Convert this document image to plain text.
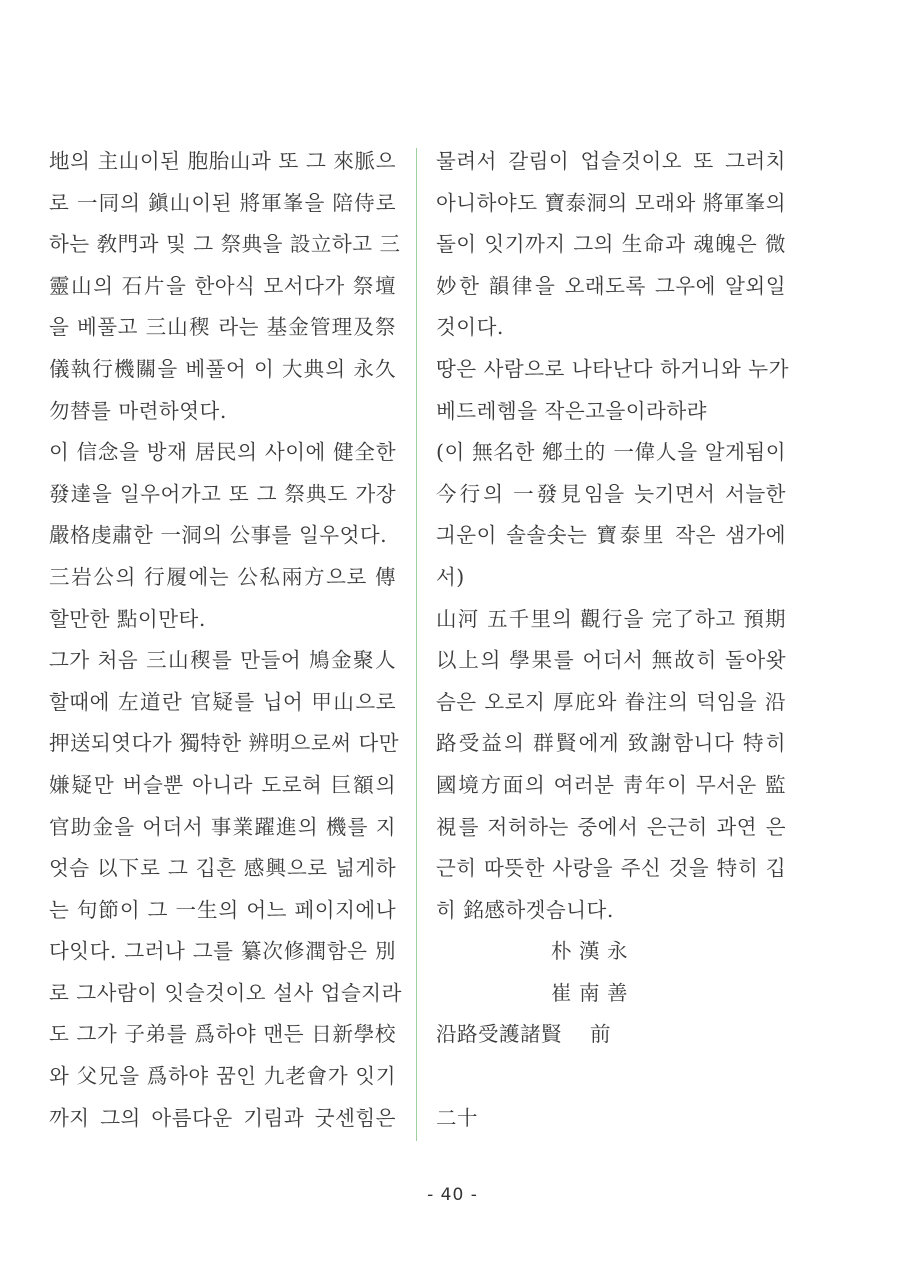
地의 主山이된 胞胎山과 또 그 來脈으
로 一同의 鎭山이된 將軍峯을 陪侍로
하는 敎門과 및 그 祭典을 設立하고 三
靈山의 石片을 한아식 모서다가 祭壇
을 베풀고 三山稧 라는 基金管理及祭
儀執行機關을 베풀어 이 大典의 永久
勿替를 마련하엿다.
이 信念을 방재 居民의 사이에 健全한
發達을 일우어가고 또 그 祭典도 가장
嚴格虔肅한 一洞의 公事를 일우엇다.
三岩公의 行履에는 公私兩方으로 傳
할만한 點이만타.
그가 처음 三山稧를 만들어 鳩金聚人
할때에 左道란 官疑를 닙어 甲山으로
押送되엿다가 獨特한 辨明으로써 다만
嫌疑만 버슬뿐 아니라 도로혀 巨額의
官助金을 어더서 事業躍進의 機를 지
엇슴 以下로 그 깁흔 感興으로 넒게하
는 句節이 그 一生의 어느 페이지에나
다잇다. 그러나 그를 纂次修潤함은 別
로 그사람이 잇슬것이오 설사 업슬지라
도 그가 子弟를 爲하야 맨든 日新學校
와 父兄을 爲하야 꿈인 九老會가 잇기
까지 그의 아름다운 기림과 굿센힘은
물려서 갈림이 업슬것이오 또 그러치
아니하야도 寶泰洞의 모래와 將軍峯의
돌이 잇기까지 그의 生命과 魂魄은 微
妙한 韻律을 오래도록 그우에 알외일
것이다.
땅은 사람으로 나타난다 하거니와 누가
베드레헴을 작은고을이라하랴
(이 無名한 鄕土的 一偉人을 알게됨이
今行의 一發見임을 늣기면서 서늘한
긔운이 솔솔솟는 寶泰里 작은 샘가에
서)
山河 五千里의 觀行을 完了하고 預期
以上의 學果를 어더서 無故히 돌아왓
슴은 오로지 厚庇와 眷注의 덕임을 沿
路受益의 群賢에게 致謝함니다 特히
國境方面의 여러분 靑年이 무서운 監
視를 저허하는 중에서 은근히 과연 은
근히 따뜻한 사랑을 주신 것을 特히 깁
히 銘感하겟슴니다.
朴 漢 永
崔 南 善
沿路受護諸賢　 前
二十
- 40 -
